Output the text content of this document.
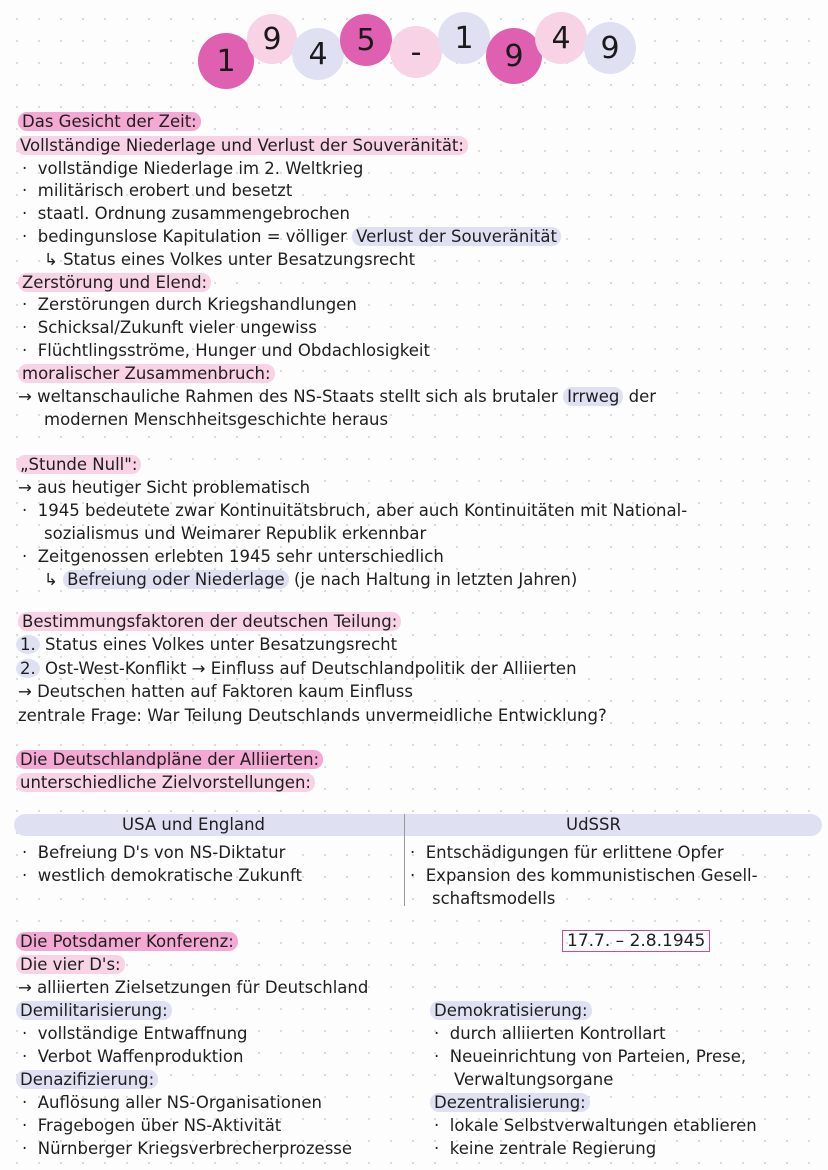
1
9 4 5 - 1
9
4 9
Das Gesicht der Zeit:
Vollständige Niederlage und Verlust der Souveränität:
·  vollständige Niederlage im 2. Weltkrieg
·  militärisch erobert und besetzt
·  staatl. Ordnung zusammengebrochen
·  bedingunslose Kapitulation = völliger Verlust der Souveränität
↳ Status eines Volkes unter Besatzungsrecht
Zerstörung und Elend:
·  Zerstörungen durch Kriegshandlungen
·  Schicksal/Zukunft vieler ungewiss
·  Flüchtlingsströme, Hunger und Obdachlosigkeit
moralischer Zusammenbruch:
→ weltanschauliche Rahmen des NS-Staats stellt sich als brutaler Irrweg der
modernen Menschheitsgeschichte heraus
„Stunde Null":
→ aus heutiger Sicht problematisch
·  1945 bedeutete zwar Kontinuitätsbruch, aber auch Kontinuitäten mit National-
sozialismus und Weimarer Republik erkennbar
·  Zeitgenossen erlebten 1945 sehr unterschiedlich
↳ Befreiung oder Niederlage (je nach Haltung in letzten Jahren)
Bestimmungsfaktoren der deutschen Teilung:
1. Status eines Volkes unter Besatzungsrecht
2. Ost-West-Konflikt → Einfluss auf Deutschlandpolitik der Alliierten
→ Deutschen hatten auf Faktoren kaum Einfluss
zentrale Frage: War Teilung Deutschlands unvermeidliche Entwicklung?
Die Deutschlandpläne der Alliierten:
unterschiedliche Zielvorstellungen:
USA und England	UdSSR
·  Befreiung D's von NS-Diktatur
·  westlich demokratische Zukunft
·  Entschädigungen für erlittene Opfer
·  Expansion des kommunistischen Gesell-
schaftsmodells
Die Potsdamer Konferenz:	17.7. – 2.8.1945
Die vier D's:
→ alliierten Zielsetzungen für Deutschland
Demilitarisierung:
·  vollständige Entwaffnung
·  Verbot Waffenproduktion
Denazifizierung:
·  Auflösung aller NS-Organisationen
·  Fragebogen über NS-Aktivität
·  Nürnberger Kriegsverbrecherprozesse
Demokratisierung:
·  durch alliierten Kontrollart
·  Neueinrichtung von Parteien, Prese,
Verwaltungsorgane
Dezentralisierung:
·  lokale Selbstverwaltungen etablieren
·  keine zentrale Regierung
